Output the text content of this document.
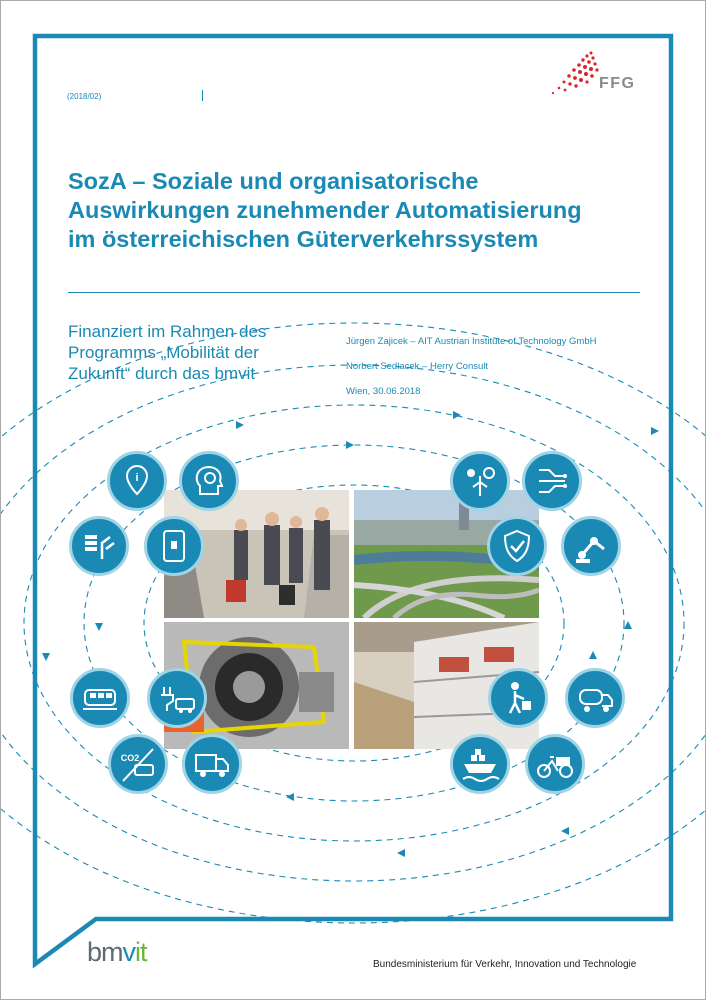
(2018/02)
FFG
SozA – Soziale und organisatorische
Auswirkungen zunehmender Automatisierung
im österreichischen Güterverkehrssystem
Finanziert im Rahmen des
Programms „Mobilität der
Zukunft“ durch das bmvit
Jürgen Zajicek – AIT Austrian Institute of Technology GmbH
Norbert Sedlacek – Herry Consult
Wien, 30.06.2018
i
CO2
bmvit	Bundesministerium für Verkehr, Innovation und Technologie
